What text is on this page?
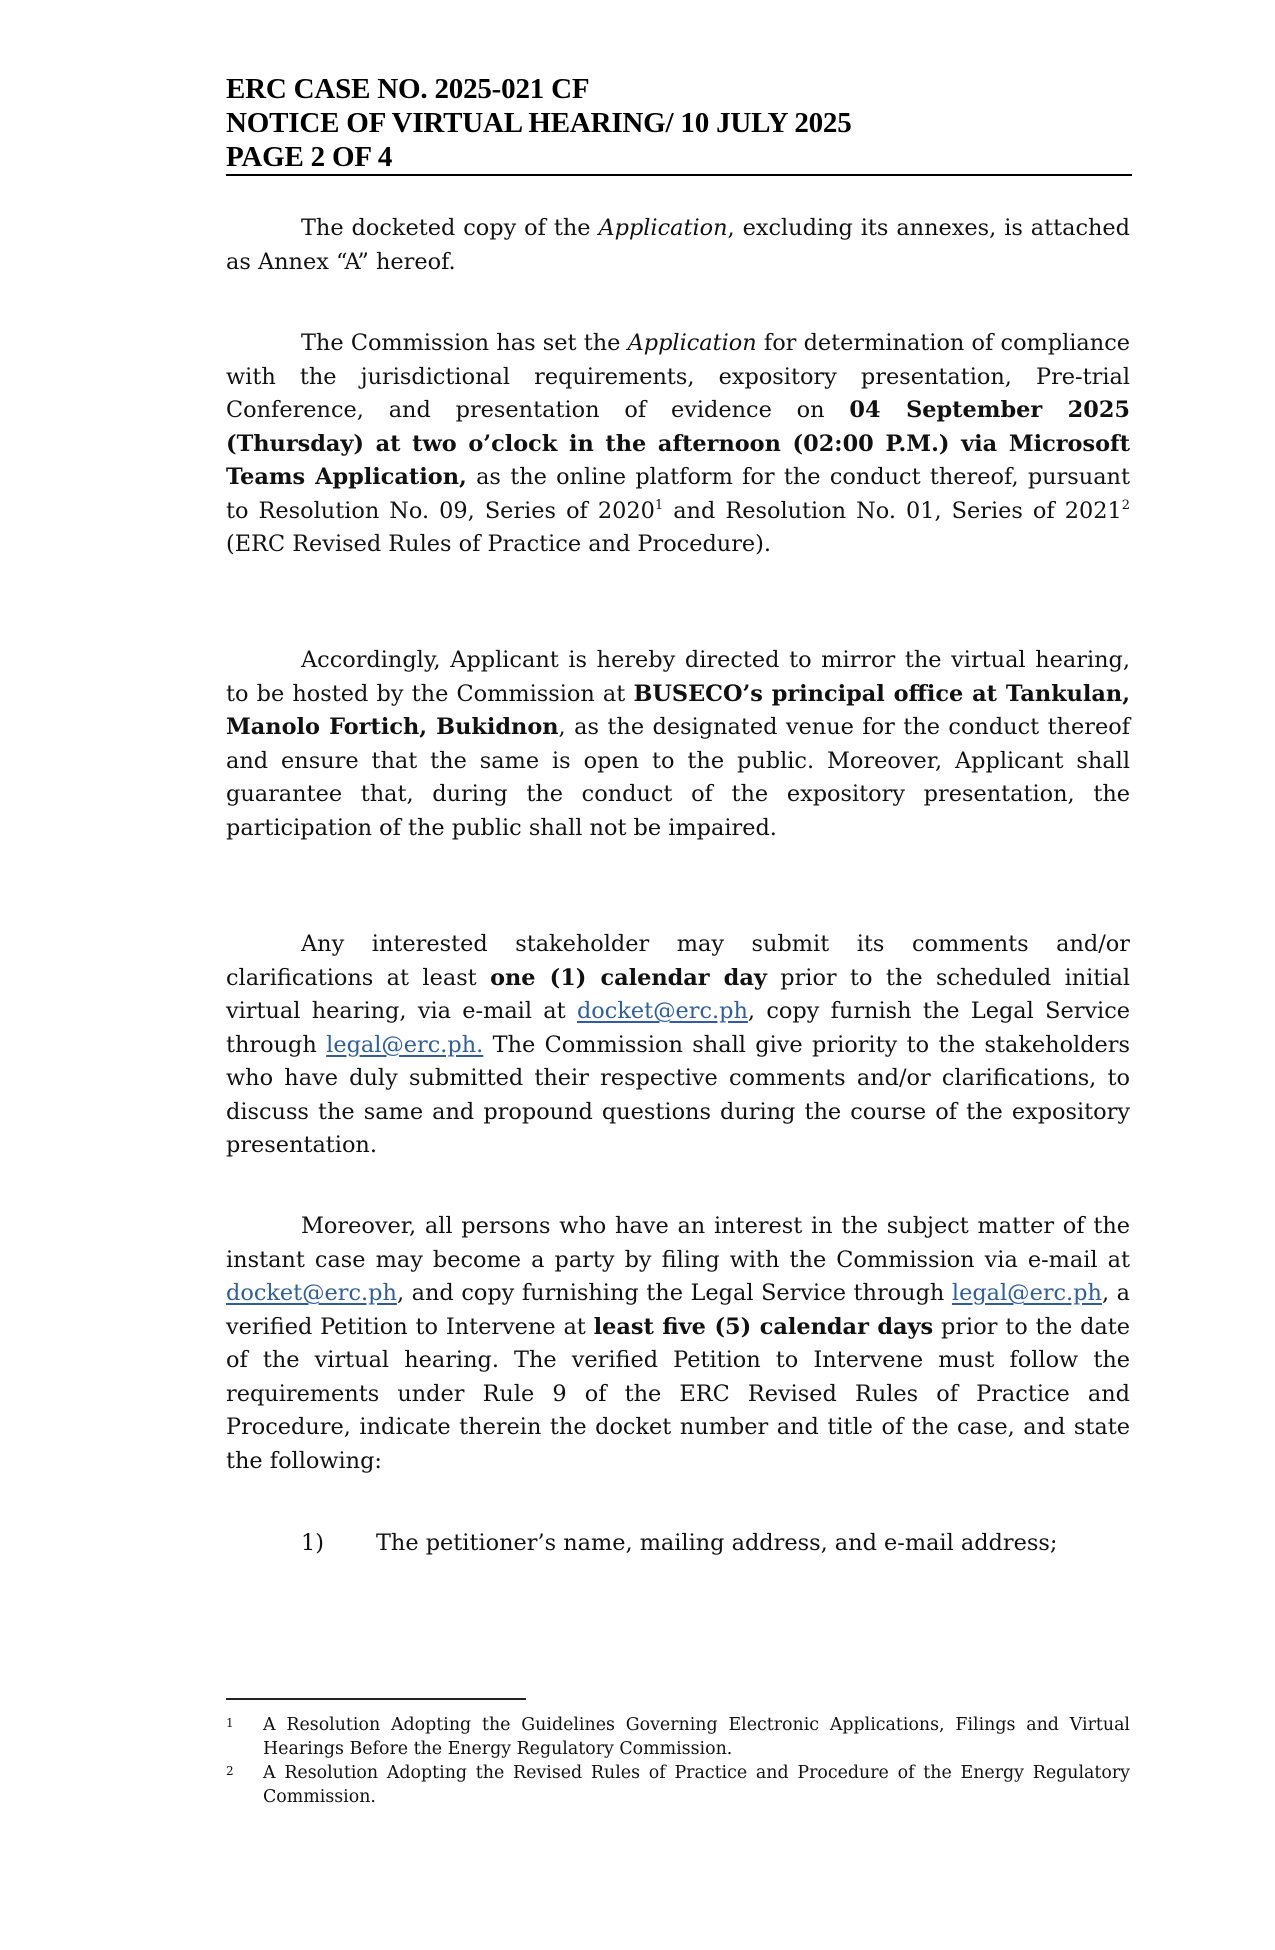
ERC CASE NO. 2025-021 CF
NOTICE OF VIRTUAL HEARING/ 10 JULY 2025
PAGE 2 OF 4

The docketed copy of the Application, excluding its annexes, is attached as Annex “A” hereof.

The Commission has set the Application for determination of compliance with the jurisdictional requirements, expository presentation, Pre-trial Conference, and presentation of evidence on 04 September 2025 (Thursday) at two o’clock in the afternoon (02:00 P.M.) via Microsoft Teams Application, as the online platform for the conduct thereof, pursuant to Resolution No. 09, Series of 2020$^1$ and Resolution No. 01, Series of 2021$^2$ (ERC Revised Rules of Practice and Procedure).

Accordingly, Applicant is hereby directed to mirror the virtual hearing, to be hosted by the Commission at BUSECO’s principal office at Tankulan, Manolo Fortich, Bukidnon, as the designated venue for the conduct thereof and ensure that the same is open to the public. Moreover, Applicant shall guarantee that, during the conduct of the expository presentation, the participation of the public shall not be impaired.

Any interested stakeholder may submit its comments and/or clarifications at least one (1) calendar day prior to the scheduled initial virtual hearing, via e-mail at docket@erc.ph, copy furnish the Legal Service through legal@erc.ph. The Commission shall give priority to the stakeholders who have duly submitted their respective comments and/or clarifications, to discuss the same and propound questions during the course of the expository presentation.

Moreover, all persons who have an interest in the subject matter of the instant case may become a party by filing with the Commission via e-mail at docket@erc.ph, and copy furnishing the Legal Service through legal@erc.ph, a verified Petition to Intervene at least five (5) calendar days prior to the date of the virtual hearing. The verified Petition to Intervene must follow the requirements under Rule 9 of the ERC Revised Rules of Practice and Procedure, indicate therein the docket number and title of the case, and state the following:

1) The petitioner’s name, mailing address, and e-mail address;
1 A Resolution Adopting the Guidelines Governing Electronic Applications, Filings and Virtual Hearings Before the Energy Regulatory Commission.
2 A Resolution Adopting the Revised Rules of Practice and Procedure of the Energy Regulatory Commission.
